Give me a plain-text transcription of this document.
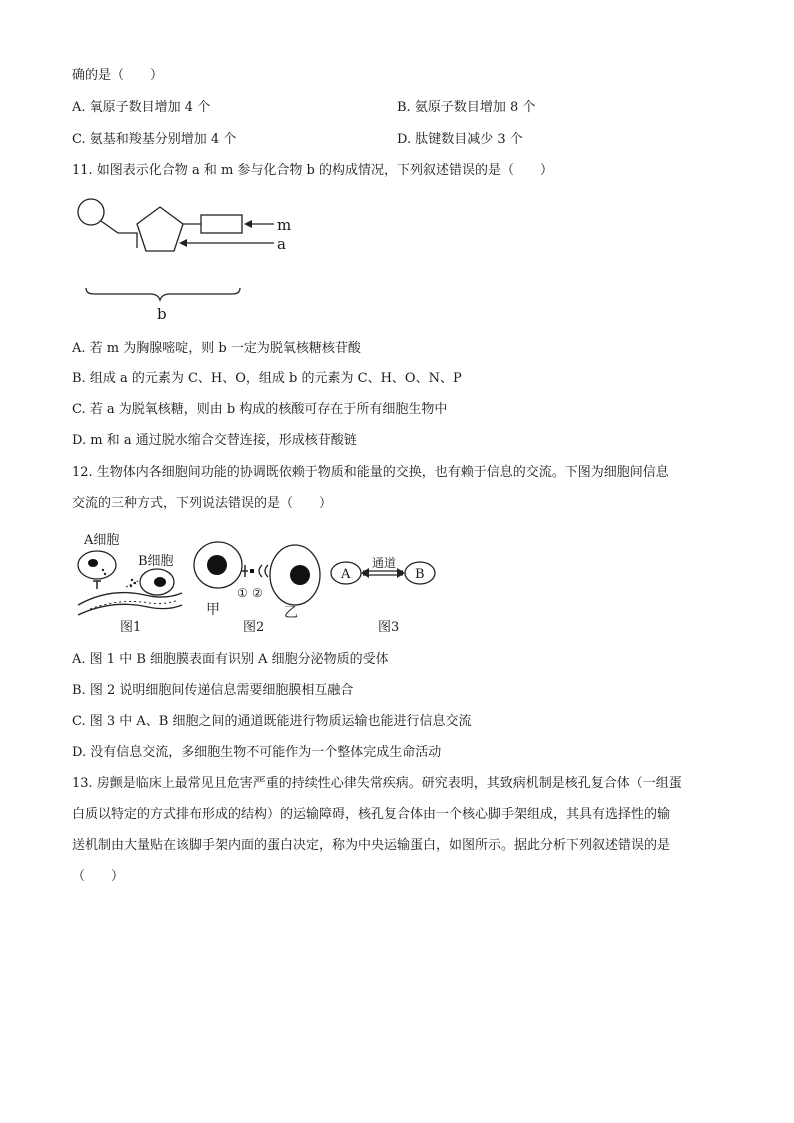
确的是（　　）
A. 氧原子数目增加 4 个	B. 氨原子数目增加 8 个
C. 氨基和羧基分别增加 4 个	D. 肽键数目减少 3 个
11. 如图表示化合物 a 和 m 参与化合物 b 的构成情况，下列叙述错误的是（　　）
m
a
b
A. 若 m 为胸腺嘧啶，则 b 一定为脱氧核糖核苷酸
B. 组成 a 的元素为 C、H、O，组成 b 的元素为 C、H、O、N、P
C. 若 a 为脱氧核糖，则由 b 构成的核酸可存在于所有细胞生物中
D. m 和 a 通过脱水缩合交替连接，形成核苷酸链
12. 生物体内各细胞间功能的协调既依赖于物质和能量的交换，也有赖于信息的交流。下图为细胞间信息
交流的三种方式，下列说法错误的是（　　）
A细胞
B细胞
图1
甲
① ②
乙
图2
通道
A	B
图3
A. 图 1 中 B 细胞膜表面有识别 A 细胞分泌物质的受体
B. 图 2 说明细胞间传递信息需要细胞膜相互融合
C. 图 3 中 A、B 细胞之间的通道既能进行物质运输也能进行信息交流
D. 没有信息交流，多细胞生物不可能作为一个整体完成生命活动
13. 房颤是临床上最常见且危害严重的持续性心律失常疾病。研究表明，其致病机制是核孔复合体（一组蛋
白质以特定的方式排布形成的结构）的运输障碍，核孔复合体由一个核心脚手架组成，其具有选择性的输
送机制由大量贴在该脚手架内面的蛋白决定，称为中央运输蛋白，如图所示。据此分析下列叙述错误的是
（　　）
